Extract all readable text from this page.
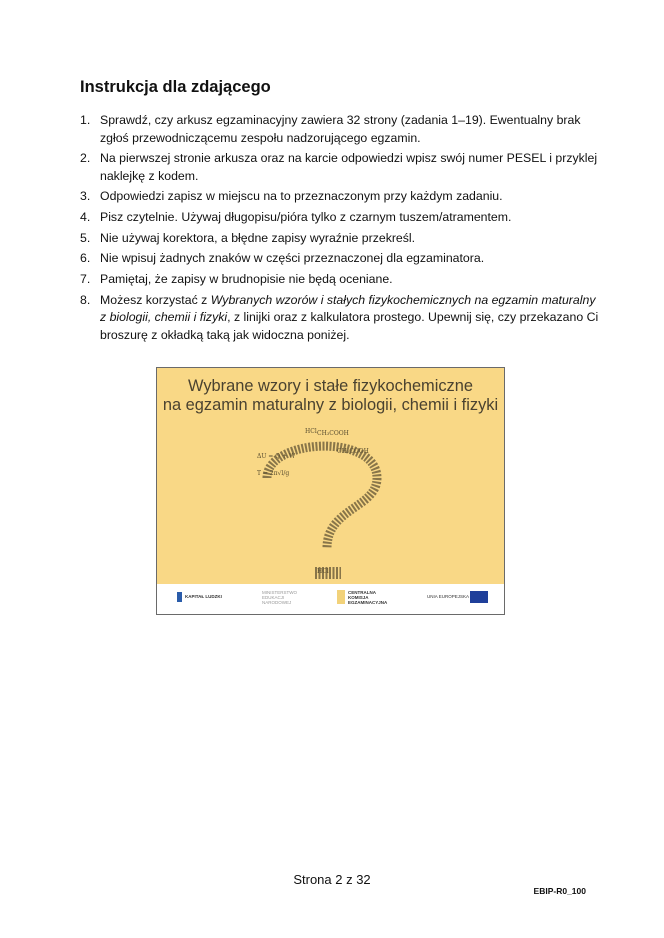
Instrukcja dla zdającego
1. Sprawdź, czy arkusz egzaminacyjny zawiera 32 strony (zadania 1–19). Ewentualny brak zgłoś przewodniczącemu zespołu nadzorującego egzamin.
2. Na pierwszej stronie arkusza oraz na karcie odpowiedzi wpisz swój numer PESEL i przyklej naklejkę z kodem.
3. Odpowiedzi zapisz w miejscu na to przeznaczonym przy każdym zadaniu.
4. Pisz czytelnie. Używaj długopisu/pióra tylko z czarnym tuszem/atramentem.
5. Nie używaj korektora, a błędne zapisy wyraźnie przekreśl.
6. Nie wpisuj żadnych znaków w części przeznaczonej dla egzaminatora.
7. Pamiętaj, że zapisy w brudnopisie nie będą oceniane.
8. Możesz korzystać z Wybranych wzorów i stałych fizykochemicznych na egzamin maturalny z biologii, chemii i fizyki, z linijki oraz z kalkulatora prostego. Upewnij się, czy przekazano Ci broszurę z okładką taką jak widoczna poniżej.
Wybrane wzory i stałe fizykochemiczne
na egzamin maturalny z biologii, chemii i fizyki
HCl CH₃COOH
ΔU = Q + W
T = 2π√l/g
CH₂COOH
HCl
KAPITAŁ LUDZKI
MINISTERSTWO EDUKACJI NARODOWEJ
CENTRALNA KOMISJA EGZAMINACYJNA
UNIA EUROPEJSKA
Strona 2 z 32
EBIP-R0_100
